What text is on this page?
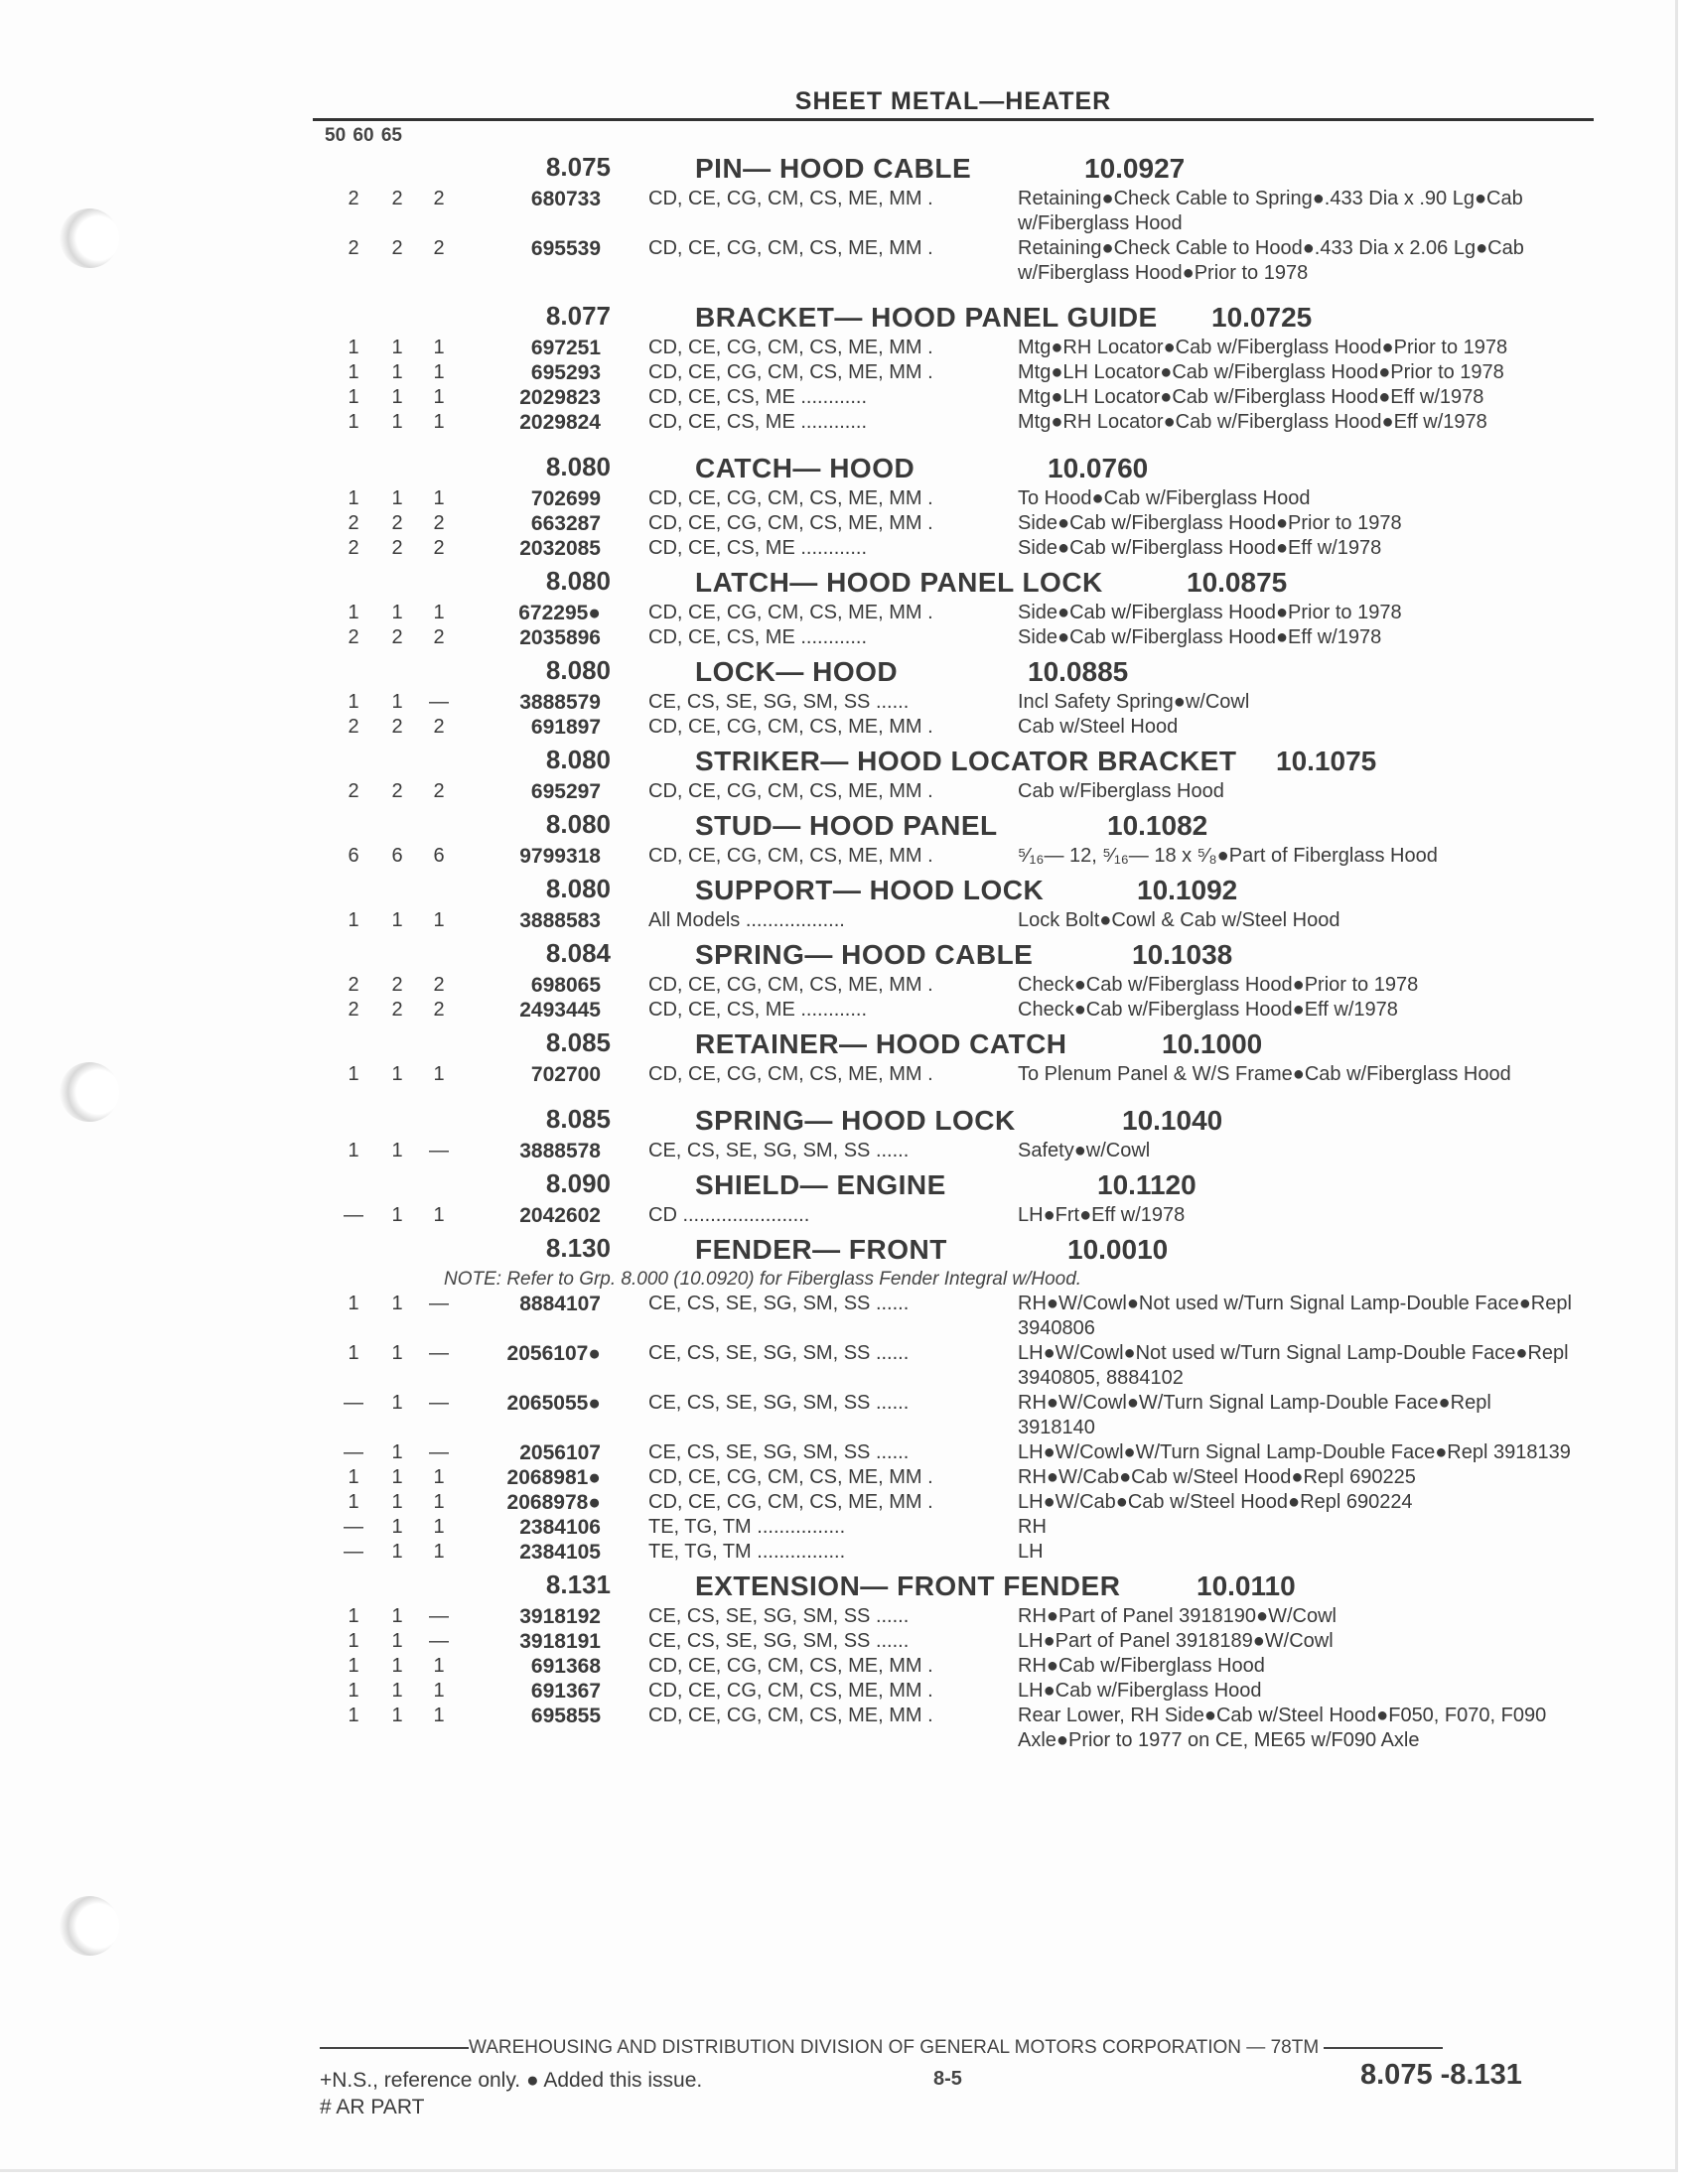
SHEET METAL—HEATER
50 60 65
8.075	PIN— HOOD CABLE	10.0927
2	2	2	680733 CD, CE, CG, CM, CS, ME, MM .	Retaining●Check Cable to Spring●.433 Dia x .90 Lg●Cab w/Fiberglass Hood
2	2	2	695539 CD, CE, CG, CM, CS, ME, MM .	Retaining●Check Cable to Hood●.433 Dia x 2.06 Lg●Cab w/Fiberglass Hood●Prior to 1978
8.077	BRACKET— HOOD PANEL GUIDE 10.0725
1	1	1	697251 CD, CE, CG, CM, CS, ME, MM .	Mtg●RH Locator●Cab w/Fiberglass Hood●Prior to 1978
1	1	1	695293 CD, CE, CG, CM, CS, ME, MM .	Mtg●LH Locator●Cab w/Fiberglass Hood●Prior to 1978
1	1	1	2029823 CD, CE, CS, ME ............	Mtg●LH Locator●Cab w/Fiberglass Hood●Eff w/1978
1	1	1	2029824 CD, CE, CS, ME ............	Mtg●RH Locator●Cab w/Fiberglass Hood●Eff w/1978
8.080	CATCH— HOOD	10.0760
1	1	1	702699 CD, CE, CG, CM, CS, ME, MM .	To Hood●Cab w/Fiberglass Hood
2	2	2	663287 CD, CE, CG, CM, CS, ME, MM .	Side●Cab w/Fiberglass Hood●Prior to 1978
2	2	2	2032085 CD, CE, CS, ME ............	Side●Cab w/Fiberglass Hood●Eff w/1978
8.080	LATCH— HOOD PANEL LOCK	10.0875
1	1	1	672295● CD, CE, CG, CM, CS, ME, MM .	Side●Cab w/Fiberglass Hood●Prior to 1978
2	2	2	2035896 CD, CE, CS, ME ............	Side●Cab w/Fiberglass Hood●Eff w/1978
8.080	LOCK— HOOD	10.0885
1	1	—	3888579 CE, CS, SE, SG, SM, SS ......	Incl Safety Spring●w/Cowl
2	2	2	691897 CD, CE, CG, CM, CS, ME, MM .	Cab w/Steel Hood
8.080	STRIKER— HOOD LOCATOR BRACKET 10.1075
2	2	2	695297 CD, CE, CG, CM, CS, ME, MM .	Cab w/Fiberglass Hood
8.080	STUD— HOOD PANEL	10.1082
6	6	6	9799318 CD, CE, CG, CM, CS, ME, MM .	⁵⁄₁₆— 12, ⁵⁄₁₆— 18 x ⁵⁄₈●Part of Fiberglass Hood
8.080	SUPPORT— HOOD LOCK	10.1092
1	1	1	3888583 All Models ..................	Lock Bolt●Cowl & Cab w/Steel Hood
8.084	SPRING— HOOD CABLE	10.1038
2	2	2	698065 CD, CE, CG, CM, CS, ME, MM .	Check●Cab w/Fiberglass Hood●Prior to 1978
2	2	2	2493445 CD, CE, CS, ME ............	Check●Cab w/Fiberglass Hood●Eff w/1978
8.085	RETAINER— HOOD CATCH	10.1000
1	1	1	702700 CD, CE, CG, CM, CS, ME, MM .	To Plenum Panel & W/S Frame●Cab w/Fiberglass Hood
8.085	SPRING— HOOD LOCK	10.1040
1	1	—	3888578 CE, CS, SE, SG, SM, SS ......	Safety●w/Cowl
8.090	SHIELD— ENGINE	10.1120
—	1	1	2042602 CD .......................	LH●Frt●Eff w/1978
8.130	FENDER— FRONT	10.0010
NOTE: Refer to Grp. 8.000 (10.0920) for Fiberglass Fender Integral w/Hood.
1	1	—	8884107 CE, CS, SE, SG, SM, SS ......	RH●W/Cowl●Not used w/Turn Signal Lamp-Double Face●Repl 3940806
1	1	—	2056107● CE, CS, SE, SG, SM, SS ......	LH●W/Cowl●Not used w/Turn Signal Lamp-Double Face●Repl 3940805, 8884102
—	1	—	2065055● CE, CS, SE, SG, SM, SS ......	RH●W/Cowl●W/Turn Signal Lamp-Double Face●Repl 3918140
—	1	—	2056107 CE, CS, SE, SG, SM, SS ......	LH●W/Cowl●W/Turn Signal Lamp-Double Face●Repl 3918139
1	1	1	2068981● CD, CE, CG, CM, CS, ME, MM .	RH●W/Cab●Cab w/Steel Hood●Repl 690225
1	1	1	2068978● CD, CE, CG, CM, CS, ME, MM .	LH●W/Cab●Cab w/Steel Hood●Repl 690224
—	1	1	2384106 TE, TG, TM ................	RH
—	1	1	2384105 TE, TG, TM ................	LH
8.131	EXTENSION— FRONT FENDER	10.0110
1	1	—	3918192 CE, CS, SE, SG, SM, SS ......	RH●Part of Panel 3918190●W/Cowl
1	1	—	3918191 CE, CS, SE, SG, SM, SS ......	LH●Part of Panel 3918189●W/Cowl
1	1	1	691368 CD, CE, CG, CM, CS, ME, MM .	RH●Cab w/Fiberglass Hood
1	1	1	691367 CD, CE, CG, CM, CS, ME, MM .	LH●Cab w/Fiberglass Hood
1	1	1	695855 CD, CE, CG, CM, CS, ME, MM .	Rear Lower, RH Side●Cab w/Steel Hood●F050, F070, F090 Axle●Prior to 1977 on CE, ME65 w/F090 Axle
WAREHOUSING AND DISTRIBUTION DIVISION OF GENERAL MOTORS CORPORATION — 78TM
+N.S., reference only. ● Added this issue.
# AR PART
8-5	8.075 -8.131
